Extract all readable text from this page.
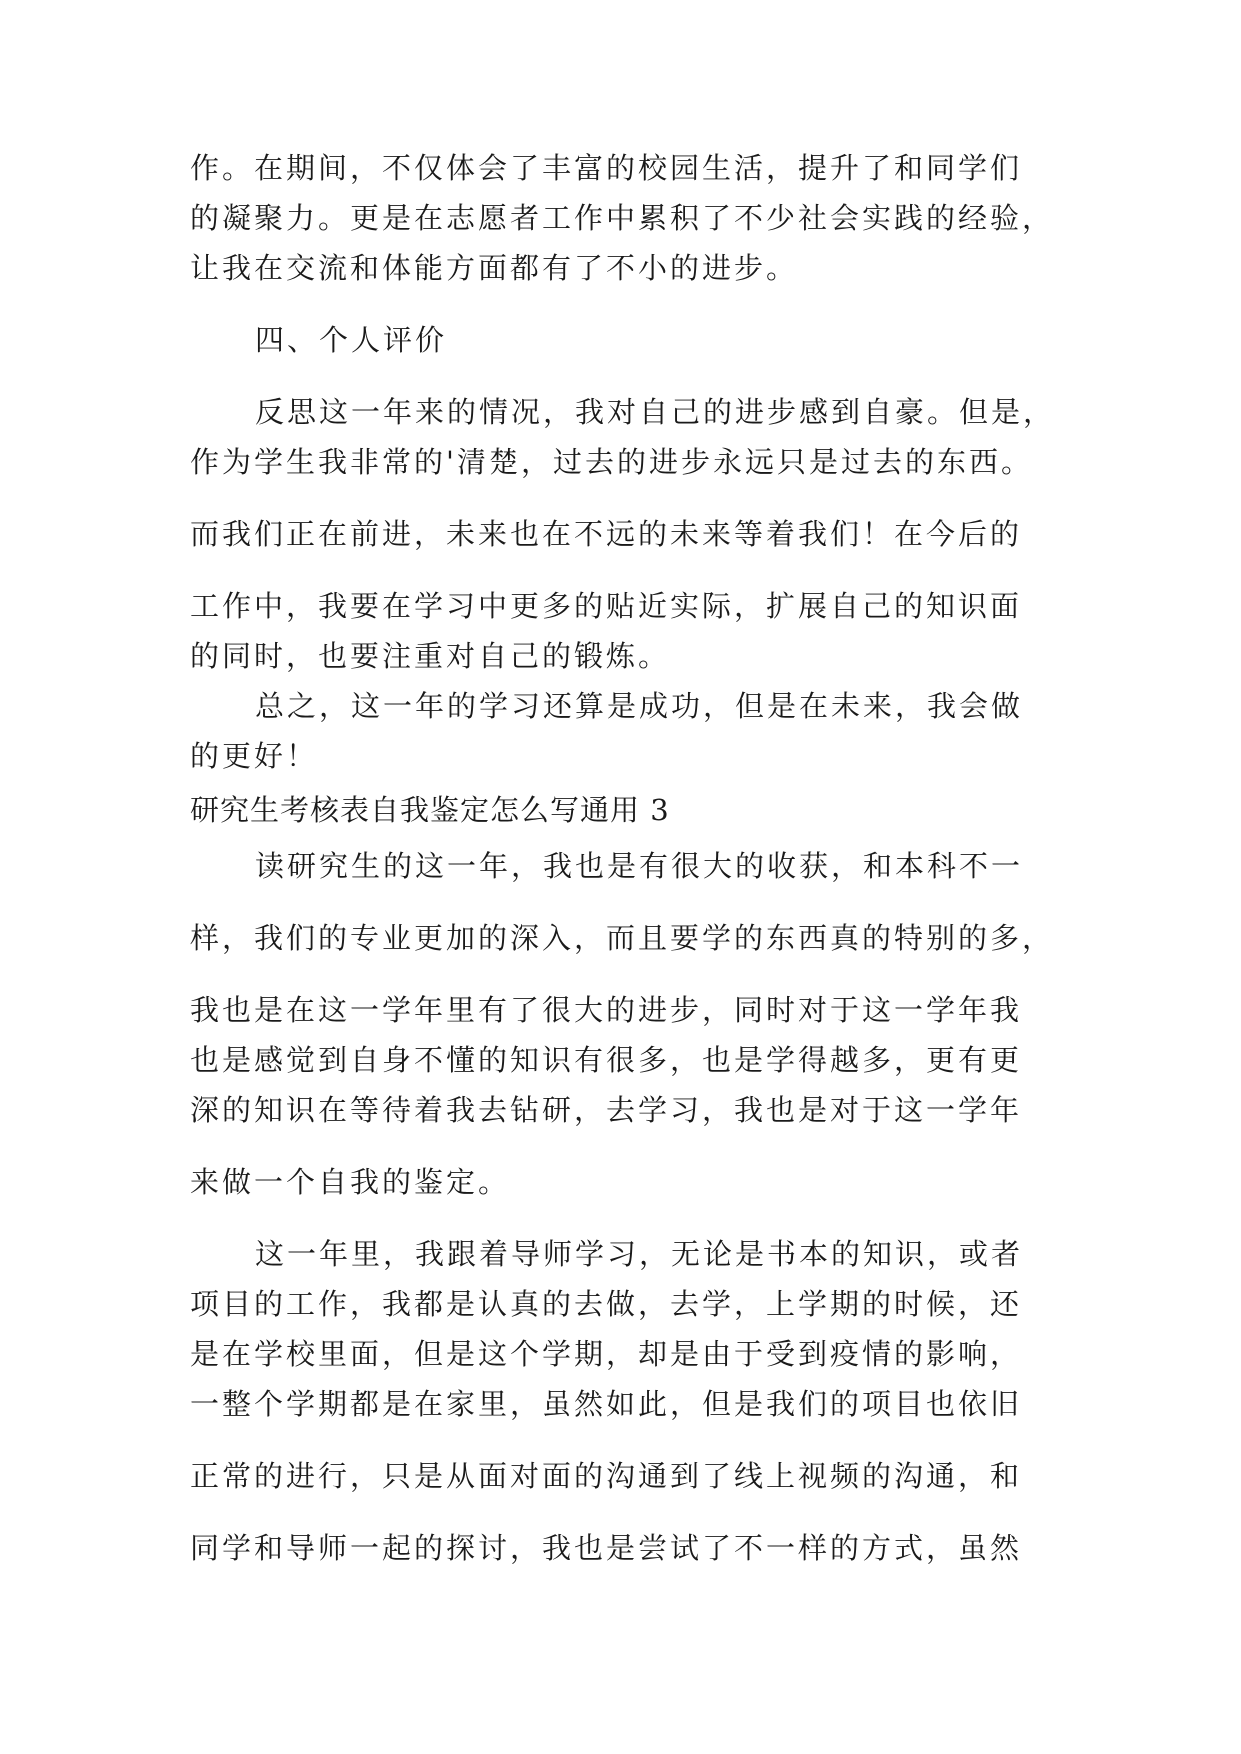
作。在期间，不仅体会了丰富的校园生活，提升了和同学们
的凝聚力。更是在志愿者工作中累积了不少社会实践的经验，
让我在交流和体能方面都有了不小的进步。
四、个人评价
反思这一年来的情况，我对自己的进步感到自豪。但是，
作为学生我非常的'清楚，过去的进步永远只是过去的东西。
而我们正在前进，未来也在不远的未来等着我们！在今后的
工作中，我要在学习中更多的贴近实际，扩展自己的知识面
的同时，也要注重对自己的锻炼。
总之，这一年的学习还算是成功，但是在未来，我会做
的更好！
研究生考核表自我鉴定怎么写通用 3
读研究生的这一年，我也是有很大的收获，和本科不一
样，我们的专业更加的深入，而且要学的东西真的特别的多，
我也是在这一学年里有了很大的进步，同时对于这一学年我
也是感觉到自身不懂的知识有很多，也是学得越多，更有更
深的知识在等待着我去钻研，去学习，我也是对于这一学年
来做一个自我的鉴定。
这一年里，我跟着导师学习，无论是书本的知识，或者
项目的工作，我都是认真的去做，去学，上学期的时候，还
是在学校里面，但是这个学期，却是由于受到疫情的影响，
一整个学期都是在家里，虽然如此，但是我们的项目也依旧
正常的进行，只是从面对面的沟通到了线上视频的沟通，和
同学和导师一起的探讨，我也是尝试了不一样的方式，虽然
